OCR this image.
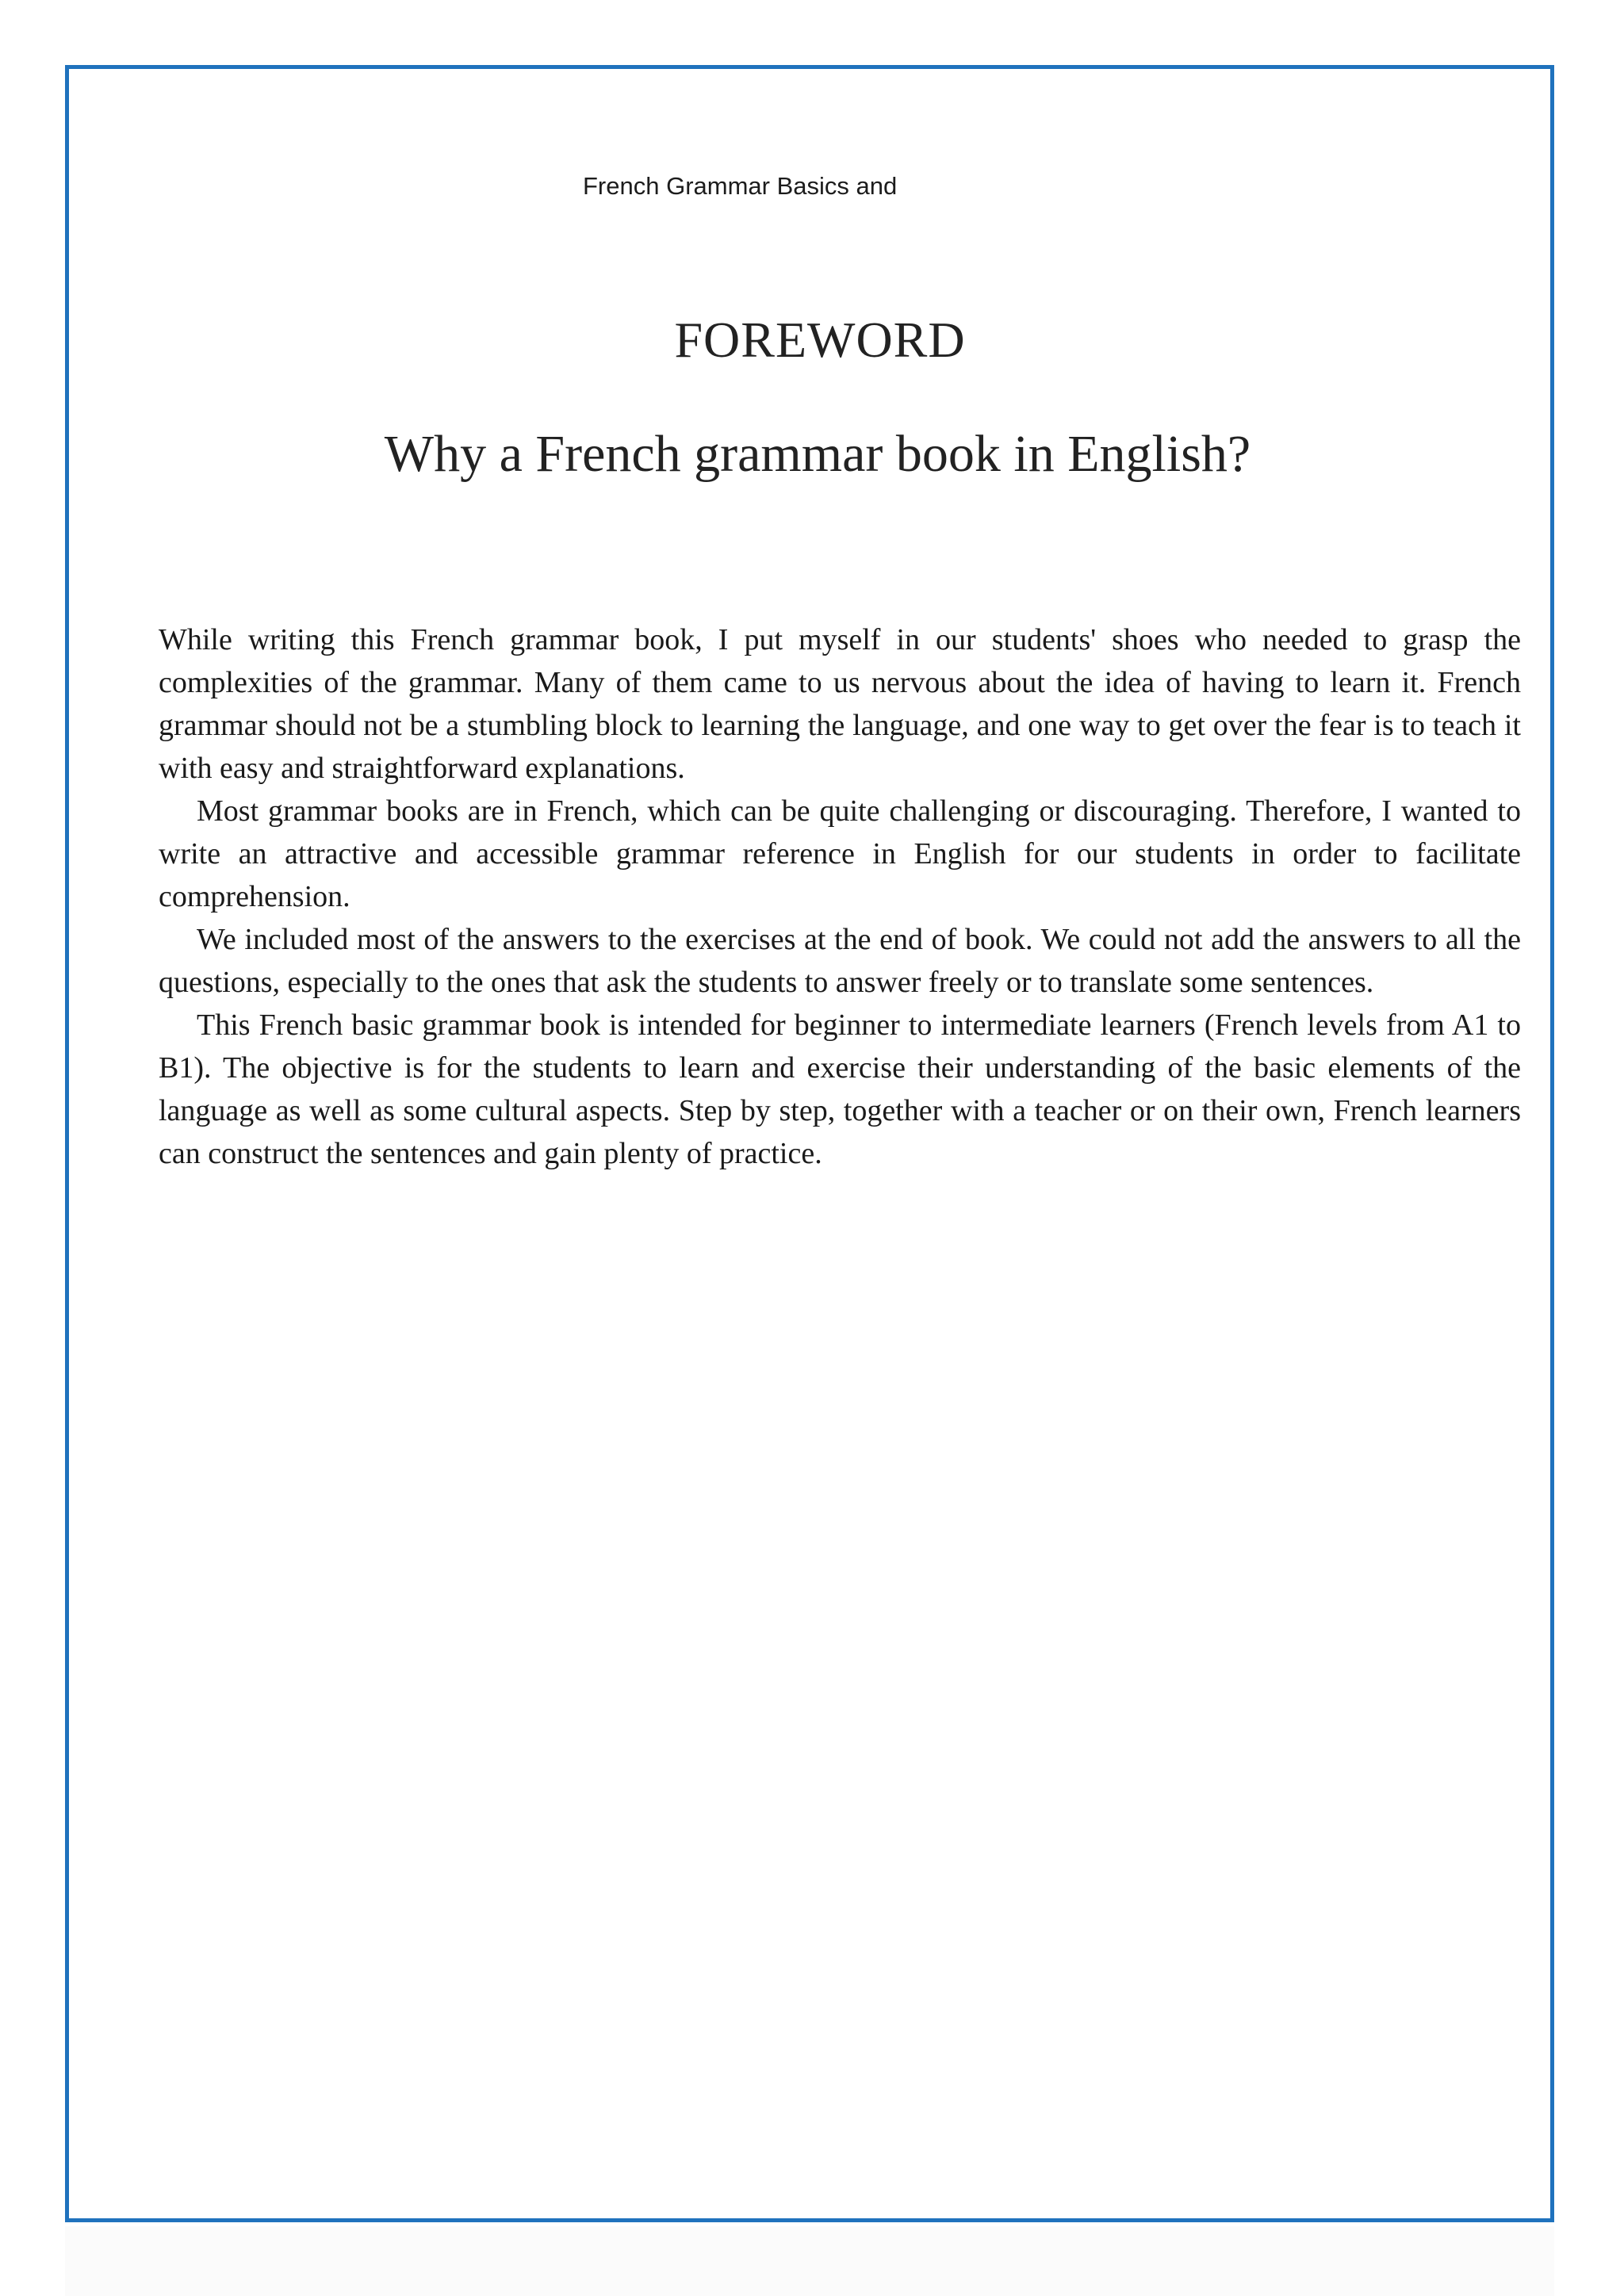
French Grammar Basics and
FOREWORD
Why a French grammar book in English?

While writing this French grammar book, I put myself in our students' shoes who needed to grasp the complexities of the grammar. Many of them came to us nervous about the idea of having to learn it. French grammar should not be a stumbling block to learning the language, and one way to get over the fear is to teach it with easy and straightforward explanations.

Most grammar books are in French, which can be quite challenging or discouraging. Therefore, I wanted to write an attractive and accessible grammar reference in English for our students in order to facilitate comprehension.

We included most of the answers to the exercises at the end of book. We could not add the answers to all the questions, especially to the ones that ask the students to answer freely or to translate some sentences.

This French basic grammar book is intended for beginner to intermediate learners (French levels from A1 to B1). The objective is for the students to learn and exercise their understanding of the basic elements of the language as well as some cultural aspects. Step by step, together with a teacher or on their own, French learners can construct the sentences and gain plenty of practice.
